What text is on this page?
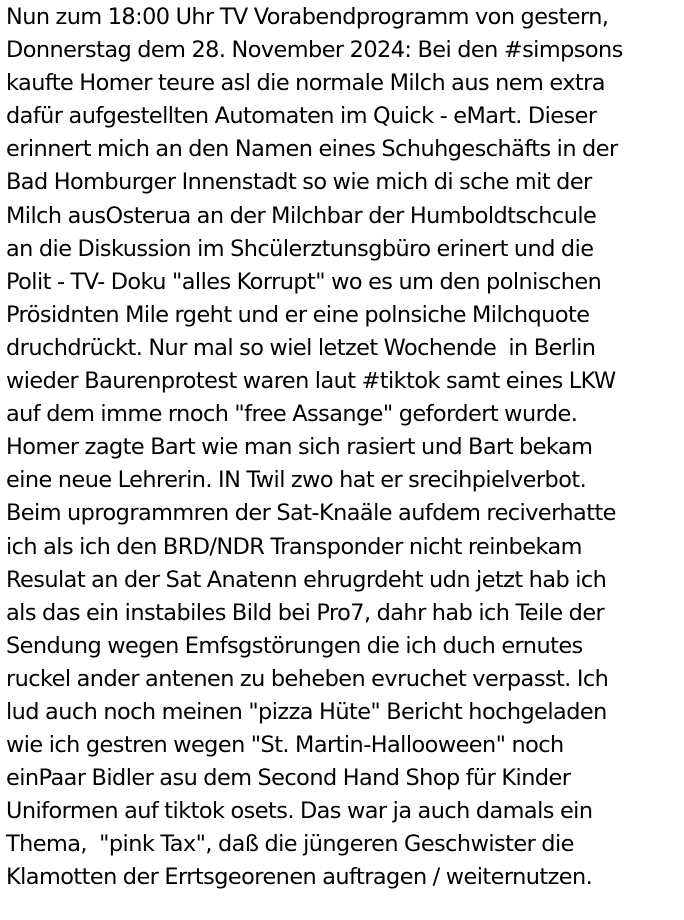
Nun zum 18:00 Uhr TV Vorabendprogramm von gestern,
Donnerstag dem 28. November 2024: Bei den #simpsons
kaufte Homer teure asl die normale Milch aus nem extra
dafür aufgestellten Automaten im Quick - eMart. Dieser
erinnert mich an den Namen eines Schuhgeschäfts in der
Bad Homburger Innenstadt so wie mich di sche mit der
Milch ausOsterua an der Milchbar der Humboldtschcule
an die Diskussion im Shcülerztunsgbüro erinert und die
Polit - TV- Doku "alles Korrupt" wo es um den polnischen
Prösidnten Mile rgeht und er eine polnsiche Milchquote
druchdrückt. Nur mal so wiel letzet Wochende  in Berlin
wieder Baurenprotest waren laut #tiktok samt eines LKW
auf dem imme rnoch "free Assange" gefordert wurde.
Homer zagte Bart wie man sich rasiert und Bart bekam
eine neue Lehrerin. IN Twil zwo hat er srecihpielverbot.
Beim uprogrammren der Sat-Knaäle aufdem reciverhatte
ich als ich den BRD/NDR Transponder nicht reinbekam
Resulat an der Sat Anatenn ehrugrdeht udn jetzt hab ich
als das ein instabiles Bild bei Pro7, dahr hab ich Teile der
Sendung wegen Emfsgstörungen die ich duch ernutes
ruckel ander antenen zu beheben evruchet verpasst. Ich
lud auch noch meinen "pizza Hüte" Bericht hochgeladen
wie ich gestren wegen "St. Martin-Hallooween" noch
einPaar Bidler asu dem Second Hand Shop für Kinder
Uniformen auf tiktok osets. Das war ja auch damals ein
Thema,  "pink Tax", daß die jüngeren Geschwister die
Klamotten der Errtsgeorenen auftragen / weiternutzen.
